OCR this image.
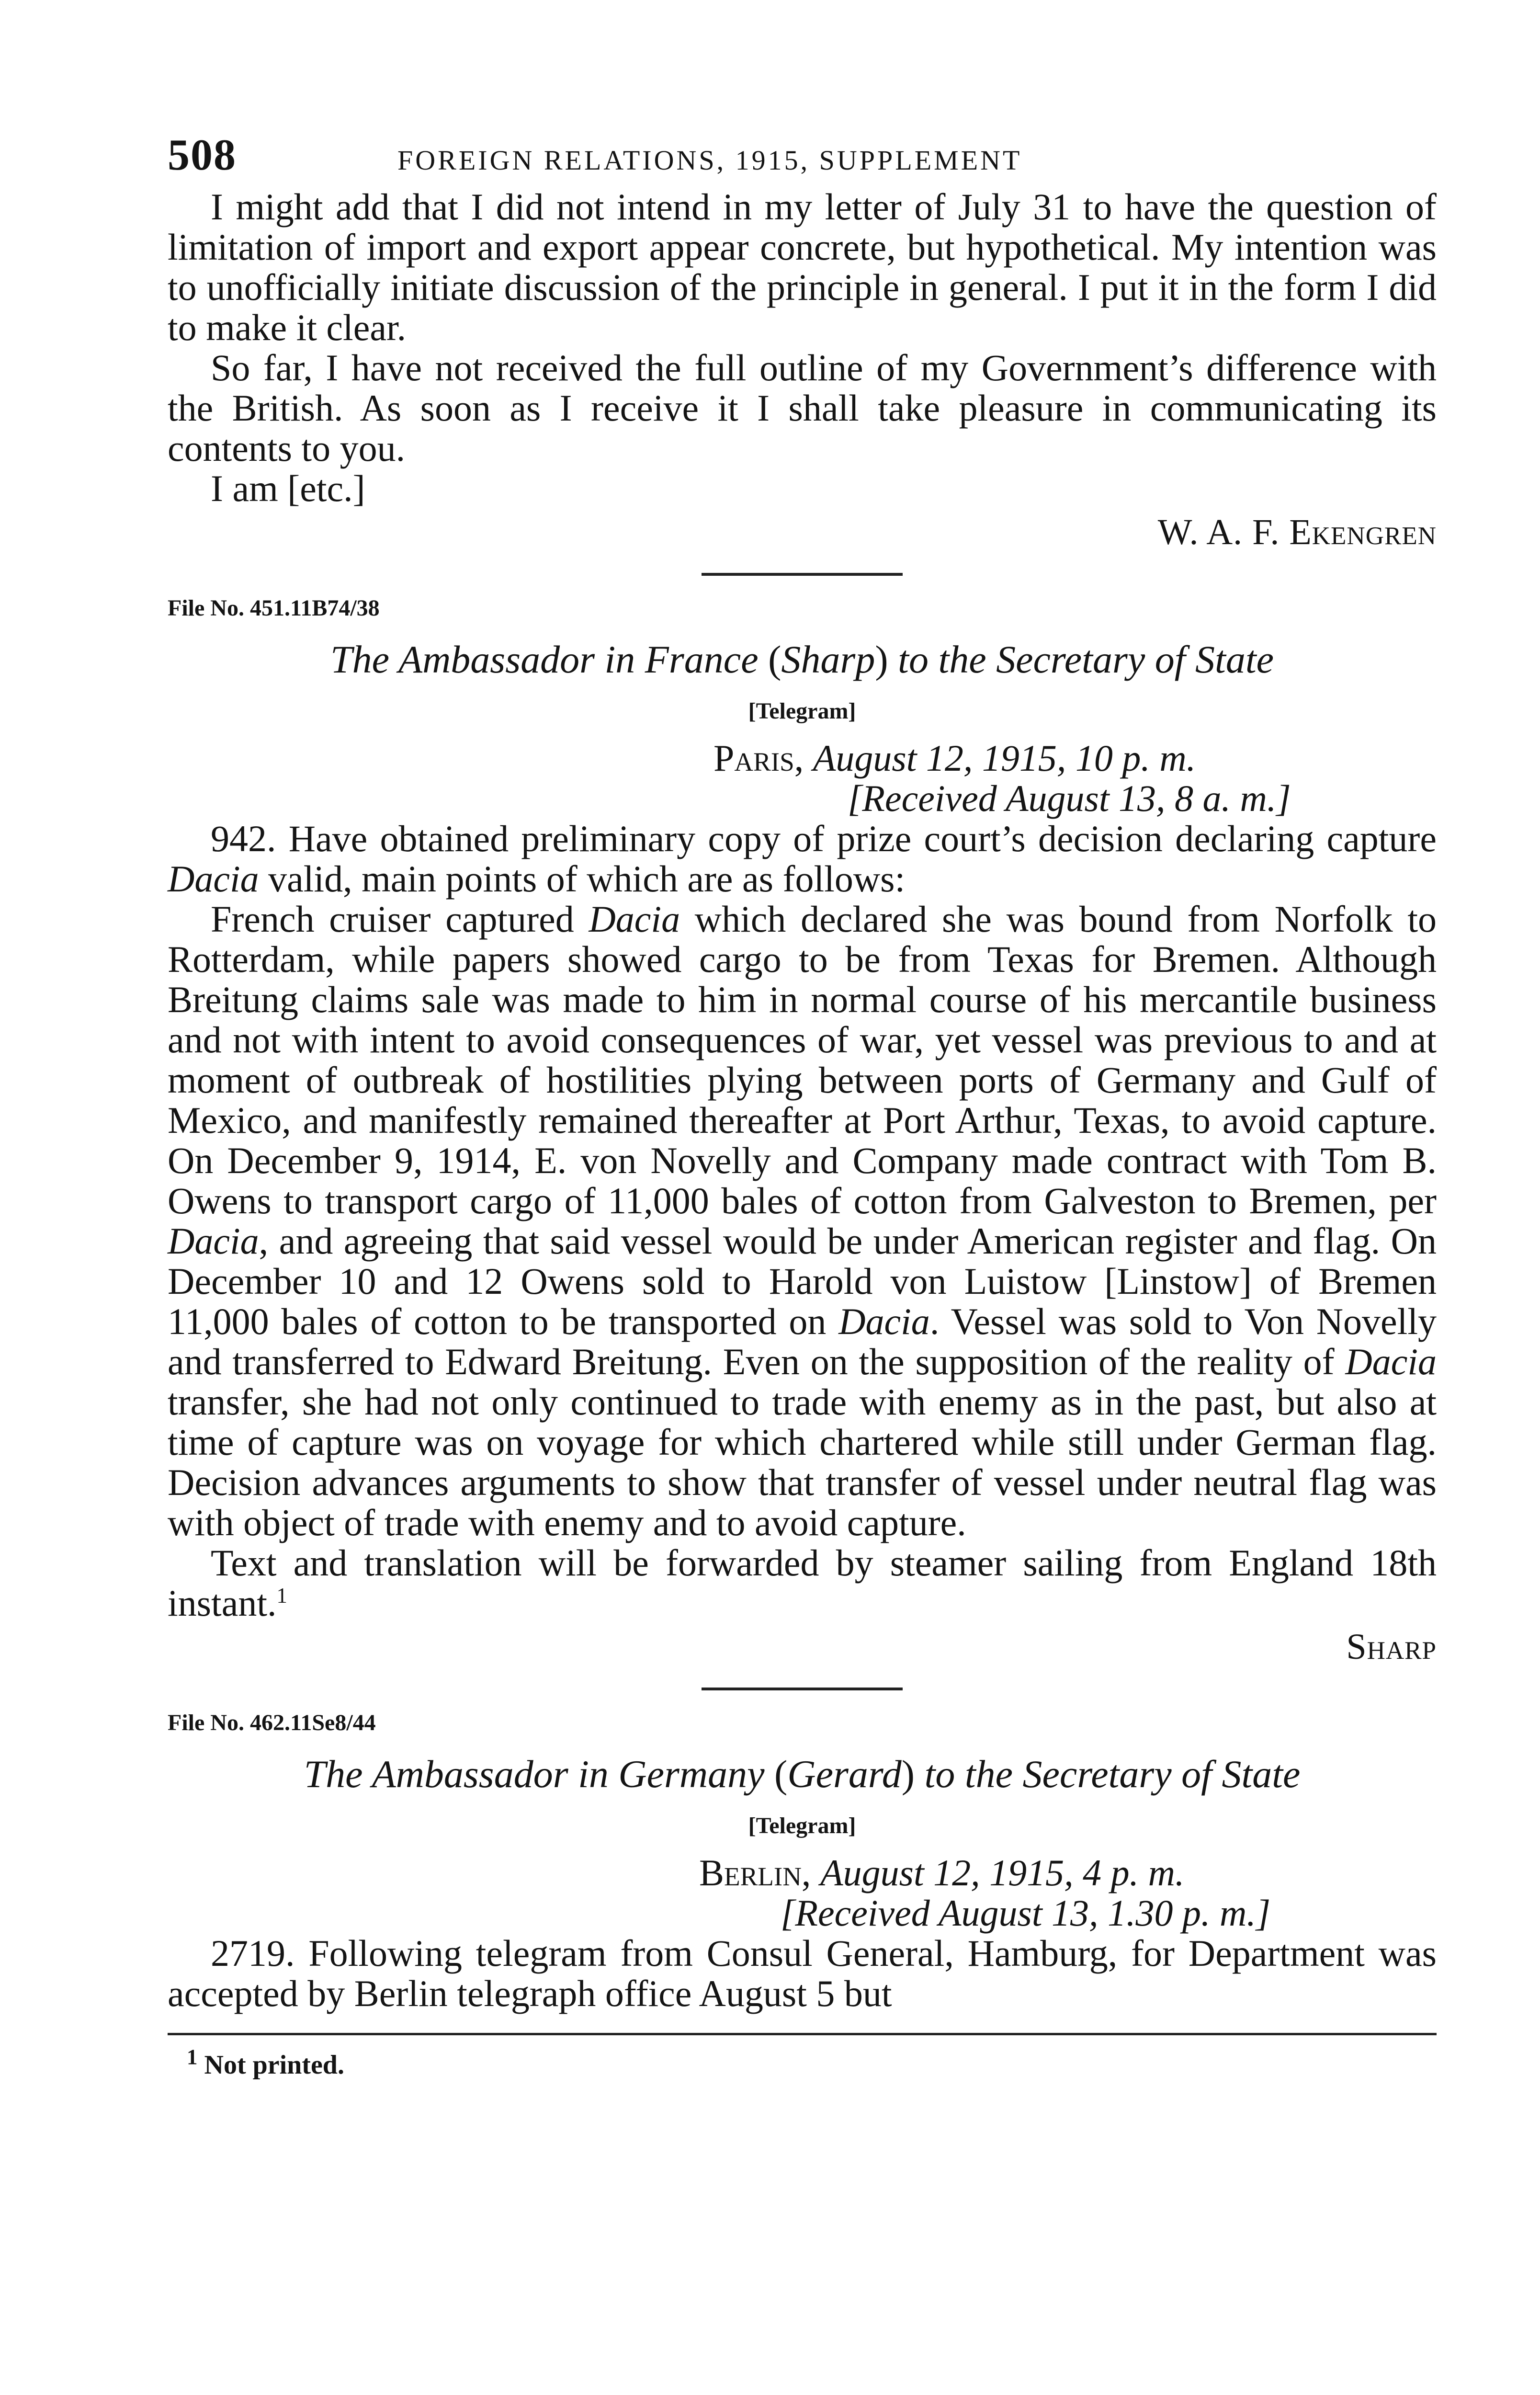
508	FOREIGN RELATIONS, 1915, SUPPLEMENT

I might add that I did not intend in my letter of July 31 to have the question of limitation of import and export appear concrete, but hypothetical. My intention was to unofficially initiate discussion of the principle in general. I put it in the form I did to make it clear.

So far, I have not received the full outline of my Government’s difference with the British. As soon as I receive it I shall take pleasure in communicating its contents to you.

I am [etc.]

W. A. F. Ekengren
File No. 451.11B74/38
The Ambassador in France (Sharp) to the Secretary of State
[Telegram]
Paris, August 12, 1915, 10 p. m.
[Received August 13, 8 a. m.]

942. Have obtained preliminary copy of prize court’s decision declaring capture Dacia valid, main points of which are as follows:

French cruiser captured Dacia which declared she was bound from Norfolk to Rotterdam, while papers showed cargo to be from Texas for Bremen. Although Breitung claims sale was made to him in normal course of his mercantile business and not with intent to avoid consequences of war, yet vessel was previous to and at moment of outbreak of hostilities plying between ports of Germany and Gulf of Mexico, and manifestly remained thereafter at Port Arthur, Texas, to avoid capture. On December 9, 1914, E. von Novelly and Company made contract with Tom B. Owens to transport cargo of 11,000 bales of cotton from Galveston to Bremen, per Dacia, and agreeing that said vessel would be under American register and flag. On December 10 and 12 Owens sold to Harold von Luistow [Linstow] of Bremen 11,000 bales of cotton to be transported on Dacia. Vessel was sold to Von Novelly and transferred to Edward Breitung. Even on the supposition of the reality of Dacia transfer, she had not only continued to trade with enemy as in the past, but also at time of capture was on voyage for which chartered while still under German flag. Decision advances arguments to show that transfer of vessel under neutral flag was with object of trade with enemy and to avoid capture.

Text and translation will be forwarded by steamer sailing from England 18th instant.$^1$

Sharp
File No. 462.11Se8/44
The Ambassador in Germany (Gerard) to the Secretary of State
[Telegram]
Berlin, August 12, 1915, 4 p. m.
[Received August 13, 1.30 p. m.]

2719. Following telegram from Consul General, Hamburg, for Department was accepted by Berlin telegraph office August 5 but

$^1$ Not printed.
